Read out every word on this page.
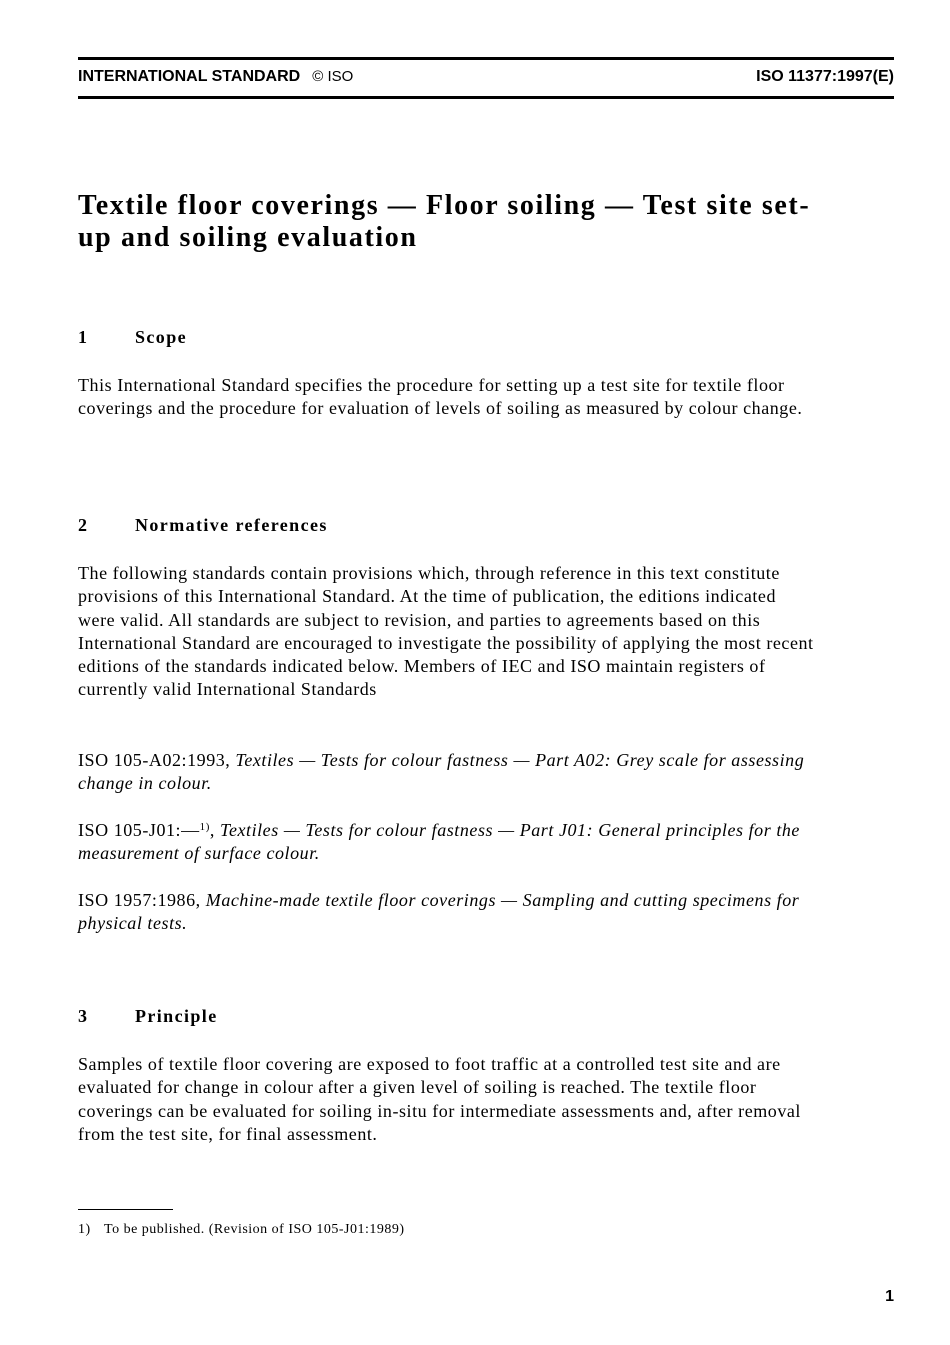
INTERNATIONAL STANDARD © ISO	ISO 11377:1997(E)
Textile floor coverings — Floor soiling — Test site set-up and soiling evaluation
1	Scope

This International Standard specifies the procedure for setting up a test site for textile floor coverings and the procedure for evaluation of levels of soiling as measured by colour change.

2	Normative references

The following standards contain provisions which, through reference in this text constitute provisions of this International Standard. At the time of publication, the editions indicated were valid. All standards are subject to revision, and parties to agreements based on this International Standard are encouraged to investigate the possibility of applying the most recent editions of the standards indicated below. Members of IEC and ISO maintain registers of currently valid International Standards

ISO 105-A02:1993, Textiles — Tests for colour fastness — Part A02: Grey scale for assessing change in colour.

ISO 105-J01:—$^{1)}$, Textiles — Tests for colour fastness — Part J01: General principles for the measurement of surface colour.

ISO 1957:1986, Machine-made textile floor coverings — Sampling and cutting specimens for physical tests.

3	Principle

Samples of textile floor covering are exposed to foot traffic at a controlled test site and are evaluated for change in colour after a given level of soiling is reached. The textile floor coverings can be evaluated for soiling in-situ for intermediate assessments and, after removal from the test site, for final assessment.

1) To be published. (Revision of ISO 105-J01:1989)

1
